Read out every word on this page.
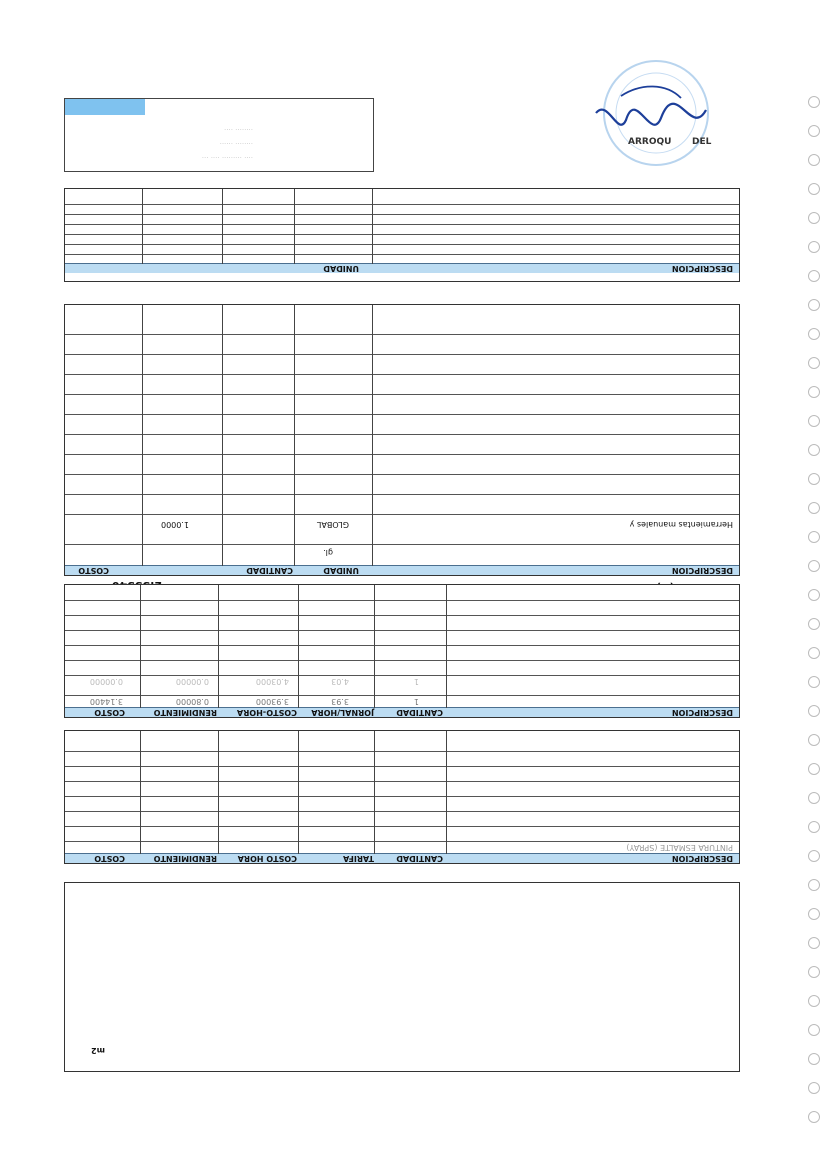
···· ········· ···· ···
········ ······
········ ····
DESCRIPCION
UNIDAD
DESCRIPCION
UNIDAD
CANTIDAD
COSTO
gl.
Herramientas manuales y
GLOBAL
1.0000
DESCRIPCION
CANTIDAD
JORNAL/HORA
COSTO-HORA
RENDIMIENTO
COSTO
1
3.93
3.93000
0.80000
3.14400
1
4.03
4.03000
0.00000
0.00000
DESCRIPCION
CANTIDAD
TARIFA
COSTO HORA
RENDIMIENTO
COSTO
PINTURA ESMALTE (SPRAY)
m2
DEL
ARROQU
